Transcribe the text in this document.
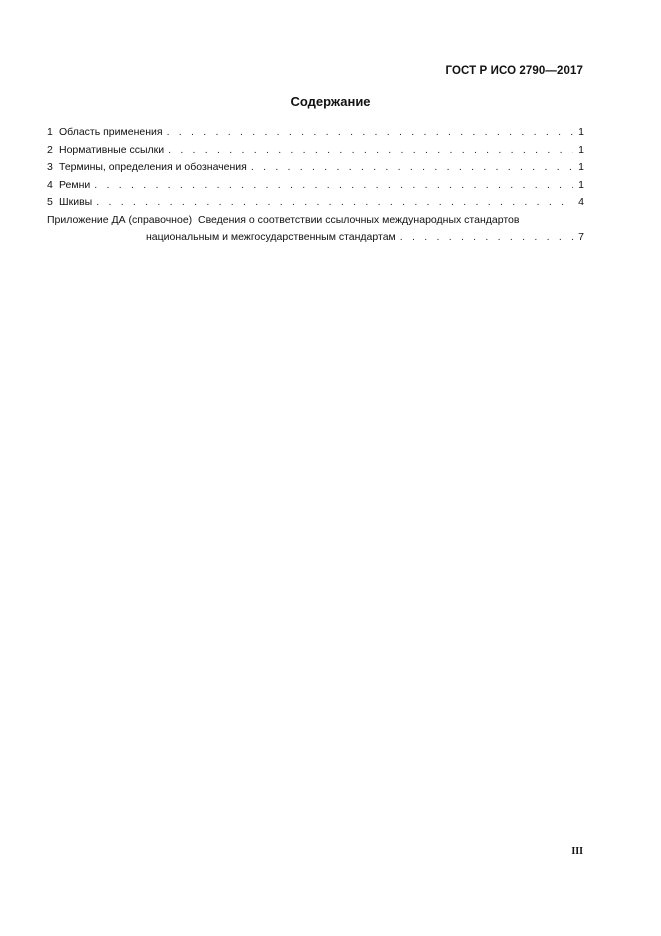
ГОСТ Р ИСО 2790—2017
Содержание
1 Область применения . . .	1
2 Нормативные ссылки . . .	1
3 Термины, определения и обозначения . . .	1
4 Ремни . . .	1
5 Шкивы . . .	4
Приложение ДА (справочное) Сведения о соответствии ссылочных международных стандартов
национальным и межгосударственным стандартам . . .	7
III
